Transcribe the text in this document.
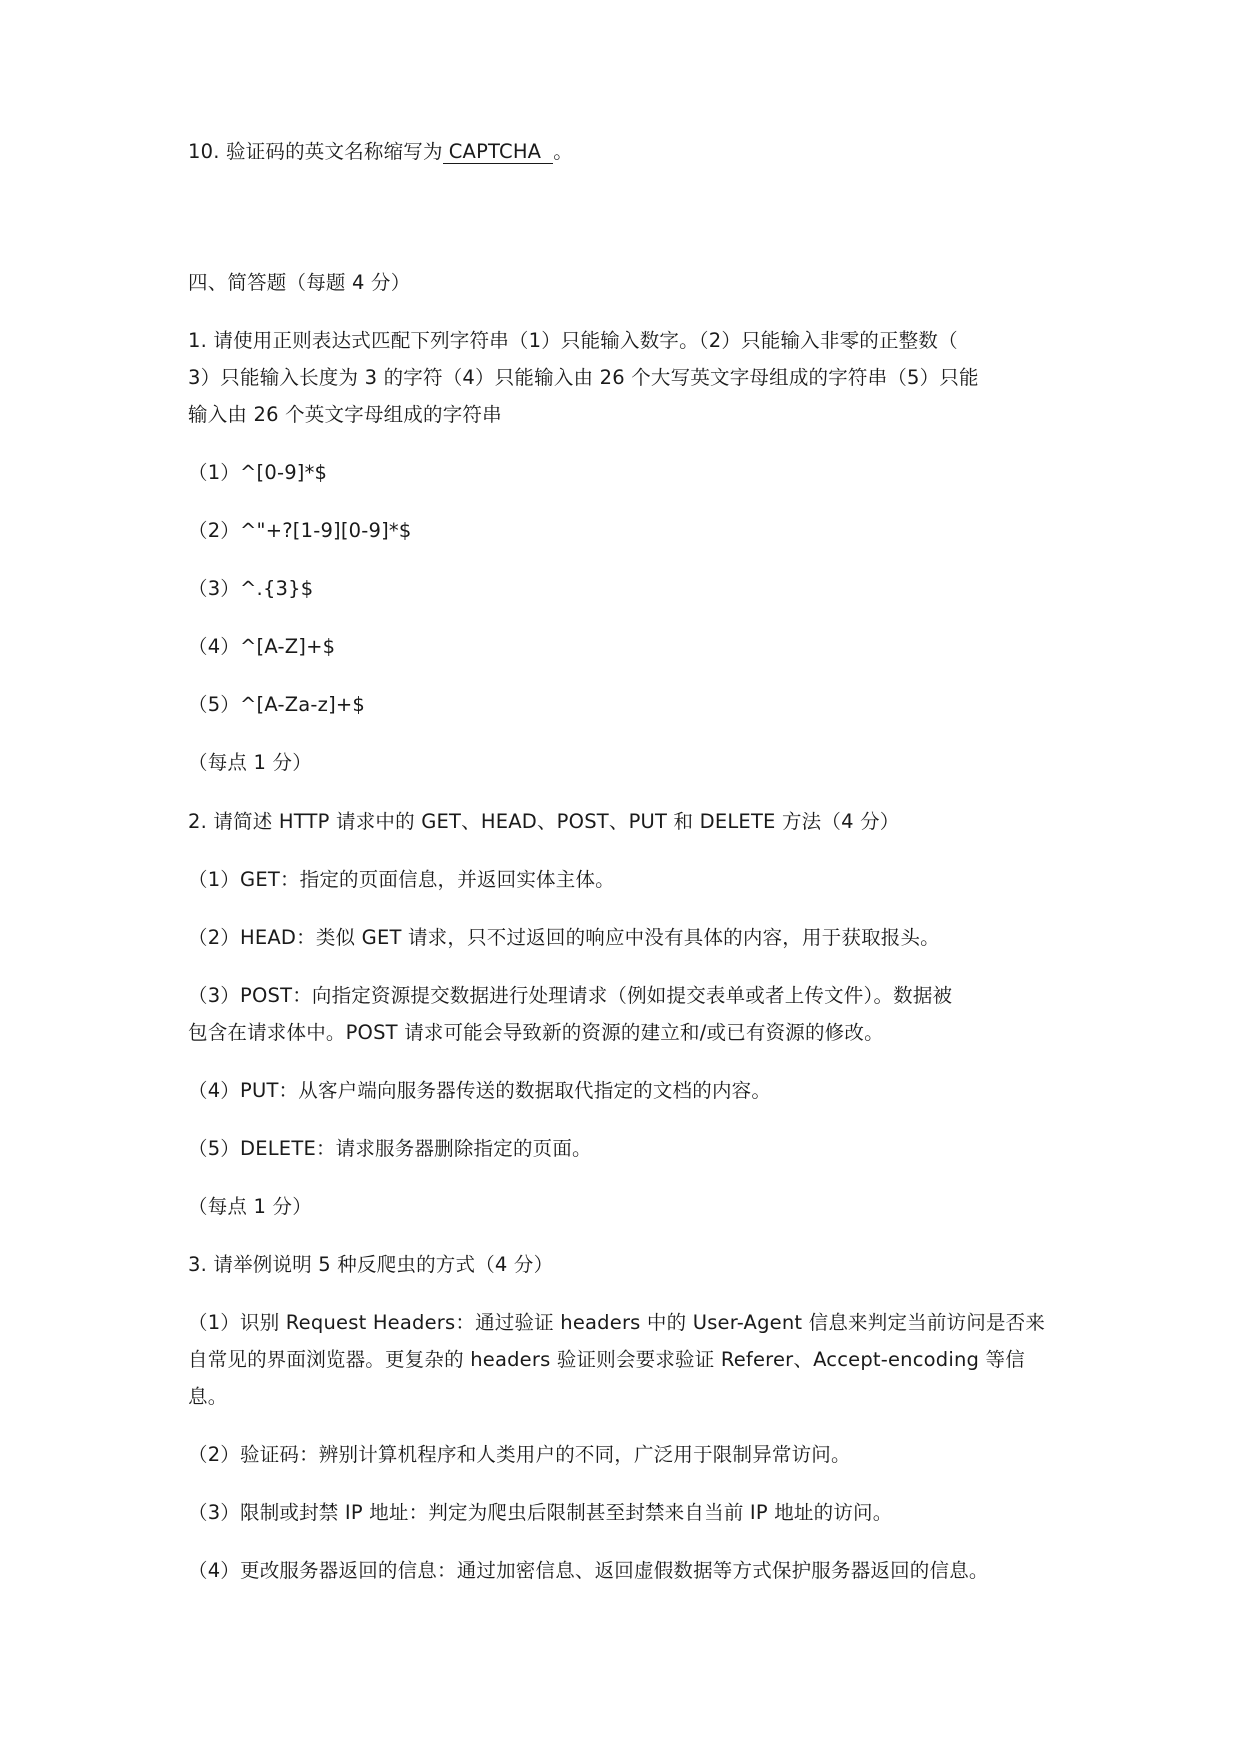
10. 验证码的英文名称缩写为 CAPTCHA 。
四、简答题（每题 4 分）
1. 请使用正则表达式匹配下列字符串（1）只能输入数字。（2）只能输入非零的正整数（
3）只能输入长度为 3 的字符（4）只能输入由 26 个大写英文字母组成的字符串（5）只能
输入由 26 个英文字母组成的字符串
（1）^[0-9]*$
（2）^"+?[1-9][0-9]*$
（3）^.{3}$
（4）^[A-Z]+$
（5）^[A-Za-z]+$
（每点 1 分）
2. 请简述 HTTP 请求中的 GET、HEAD、POST、PUT 和 DELETE 方法（4 分）
（1）GET：指定的页面信息，并返回实体主体。
（2）HEAD：类似 GET 请求，只不过返回的响应中没有具体的内容，用于获取报头。
（3）POST：向指定资源提交数据进行处理请求（例如提交表单或者上传文件）。数据被
包含在请求体中。POST 请求可能会导致新的资源的建立和/或已有资源的修改。
（4）PUT：从客户端向服务器传送的数据取代指定的文档的内容。
（5）DELETE：请求服务器删除指定的页面。
（每点 1 分）
3. 请举例说明 5 种反爬虫的方式（4 分）
（1）识别 Request Headers：通过验证 headers 中的 User-Agent 信息来判定当前访问是否来
自常见的界面浏览器。更复杂的 headers 验证则会要求验证 Referer、Accept-encoding 等信
息。
（2）验证码：辨别计算机程序和人类用户的不同，广泛用于限制异常访问。
（3）限制或封禁 IP 地址：判定为爬虫后限制甚至封禁来自当前 IP 地址的访问。
（4）更改服务器返回的信息：通过加密信息、返回虚假数据等方式保护服务器返回的信息。
